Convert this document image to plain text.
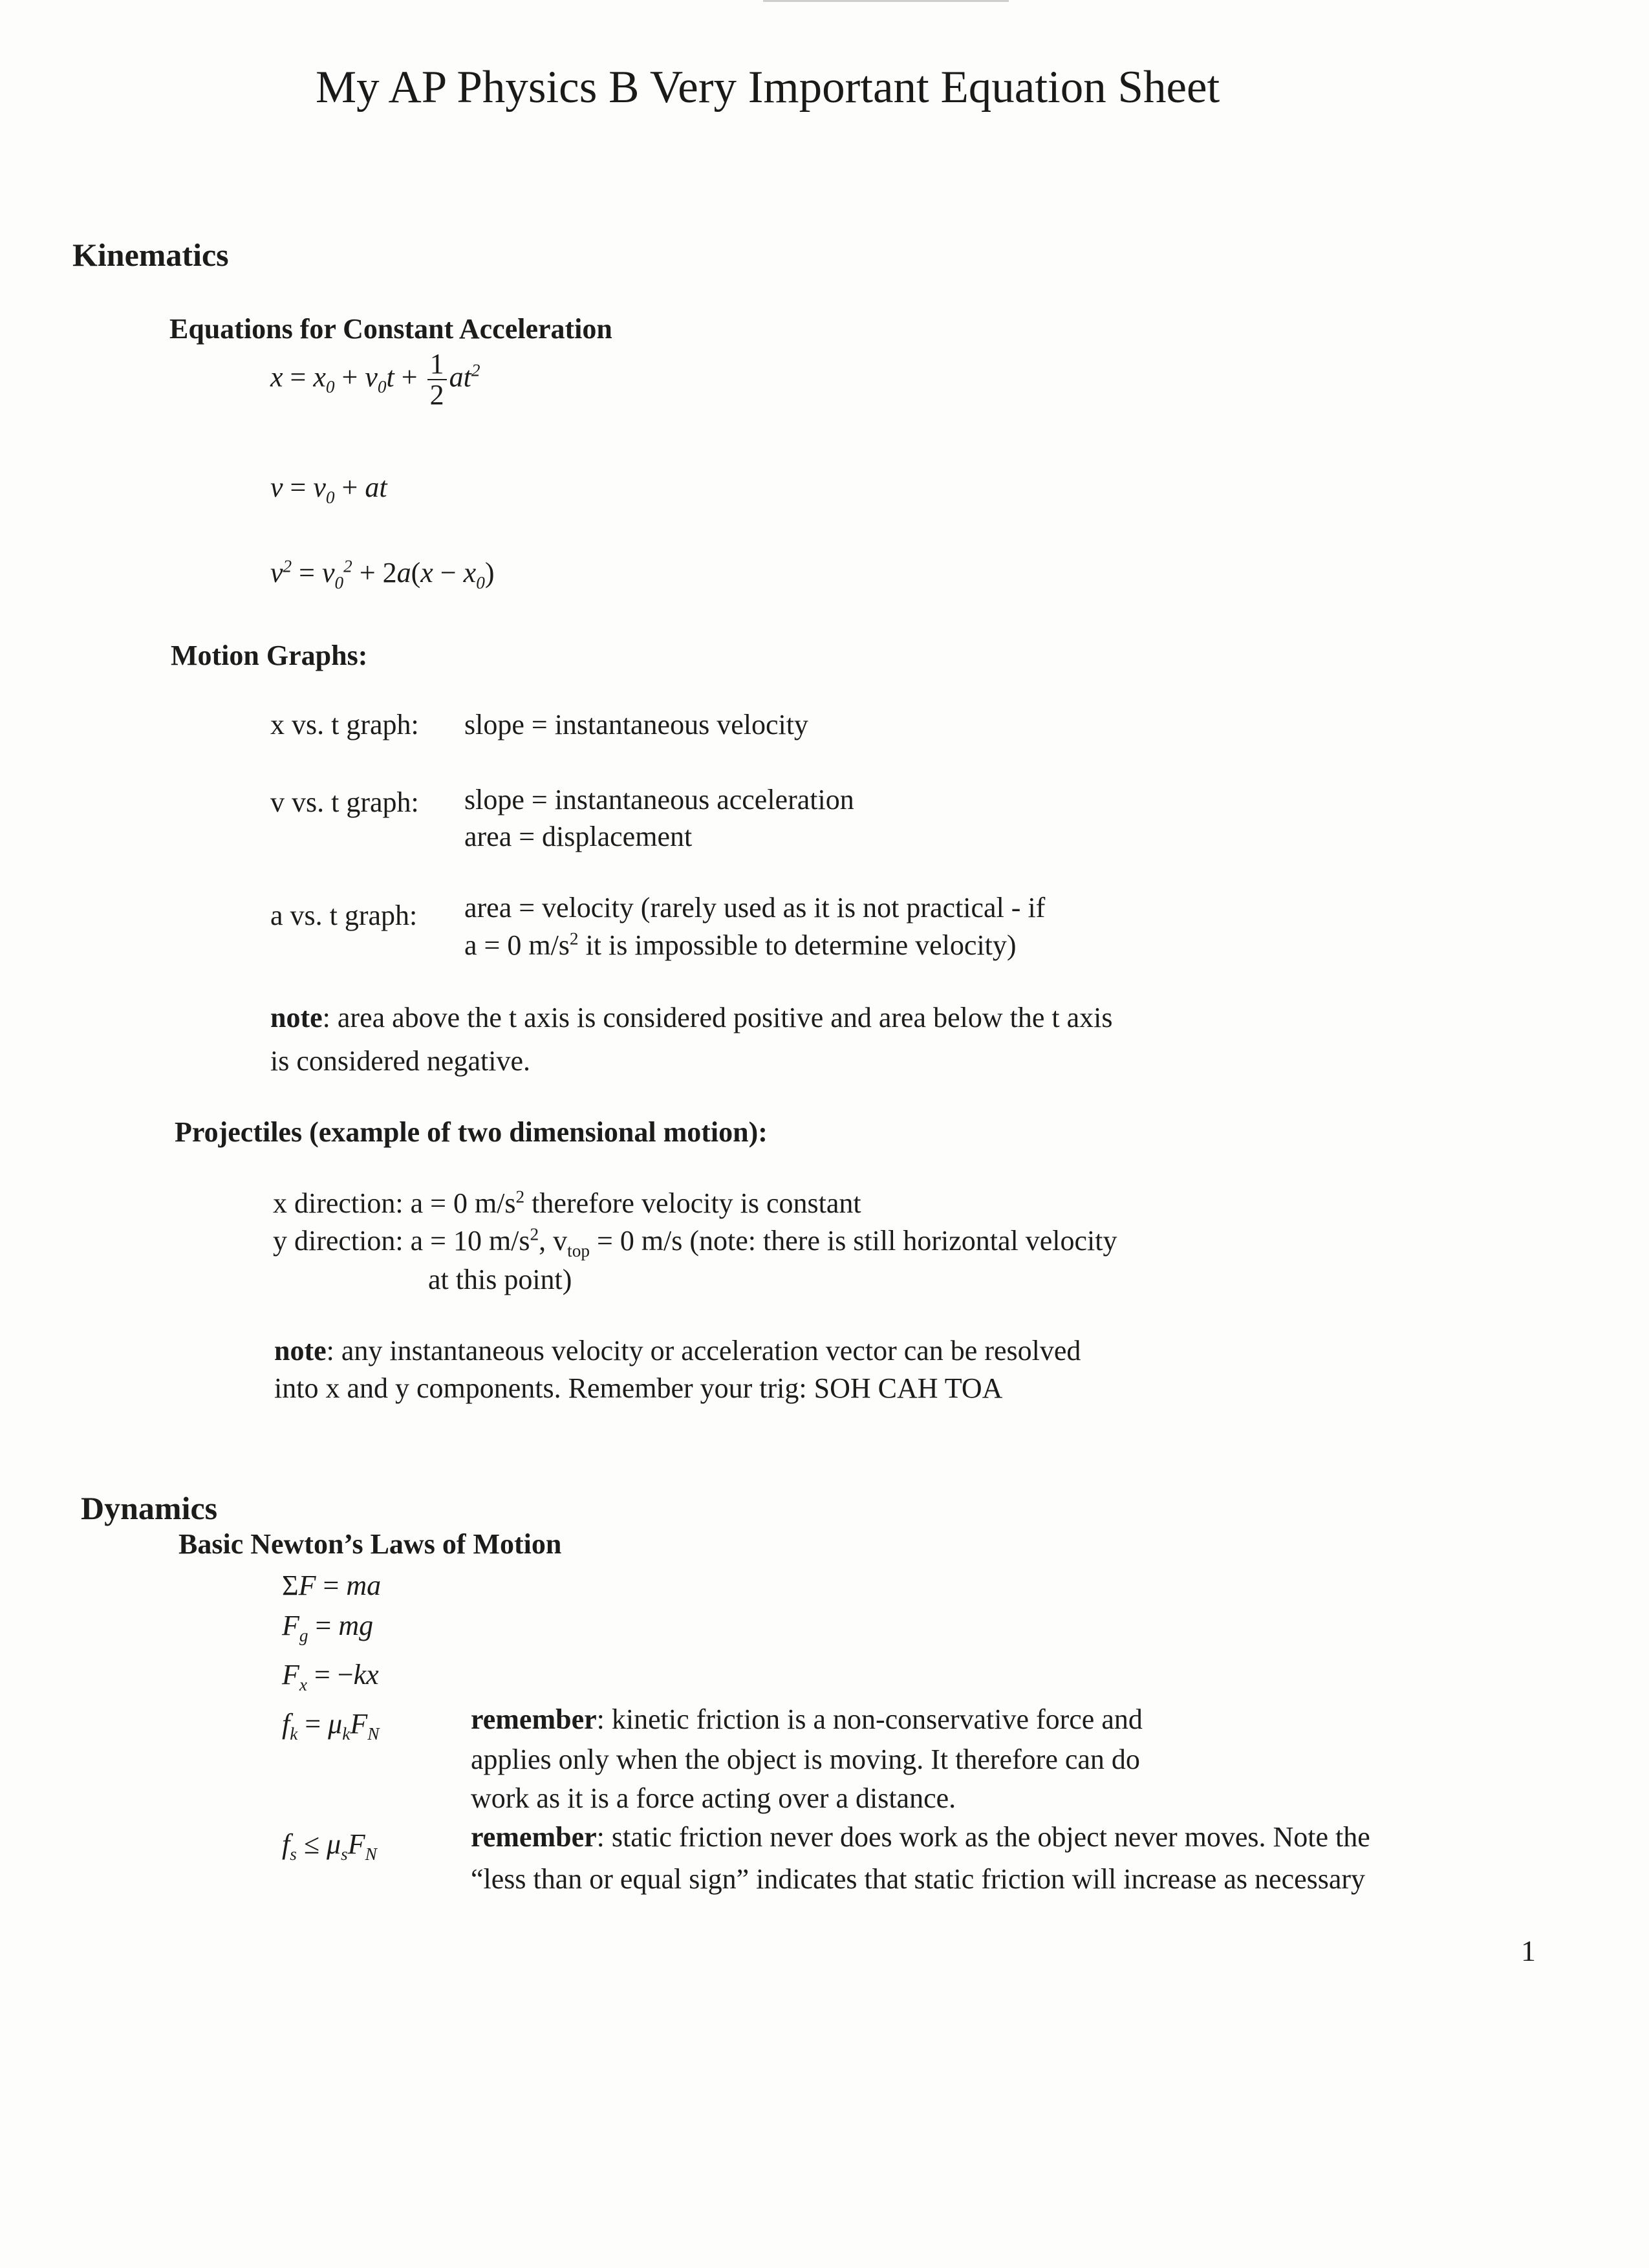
My AP Physics B Very Important Equation Sheet
Kinematics
Equations for Constant Acceleration
$x = x_0 + v_0t + \frac{1}{2} at^2$
$v = v_0$ + at
$v^2 = v_0^2 + 2a(x - x_0)$
Motion Graphs:
x vs. t graph: slope = instantaneous velocity
v vs. t graph: slope = instantaneous acceleration
area = displacement
a vs. t graph: area = velocity (rarely used as it is not practical - if
a = 0 $m/s^2$ it is impossible to determine velocity)
note: area above the t axis is considered positive and area below the t axis
is considered negative.
Projectiles (example of two dimensional motion):
x direction: a = 0 $m/s^2$ therefore velocity is constant
y direction: a = 10 $m/s^2$, $v_{top} = 0$ m/s (note: there is still horizontal velocity
at this point)
note: any instantaneous velocity or acceleration vector can be resolved
into x and y components. Remember your trig: SOH CAH TOA
Dynamics
Basic Newton’s Laws of Motion
ΣF = ma
$F_g$ = mg
$F_x = -kx$
$f_k = \mu_kF_N$	remember: kinetic friction is a non-conservative force and
applies only when the object is moving. It therefore can do
work as it is a force acting over a distance.
$f_s \le \mu_sF_N$
remember: static friction never does work as the object never moves. Note the
“less than or equal sign” indicates that static friction will increase as necessary
1
